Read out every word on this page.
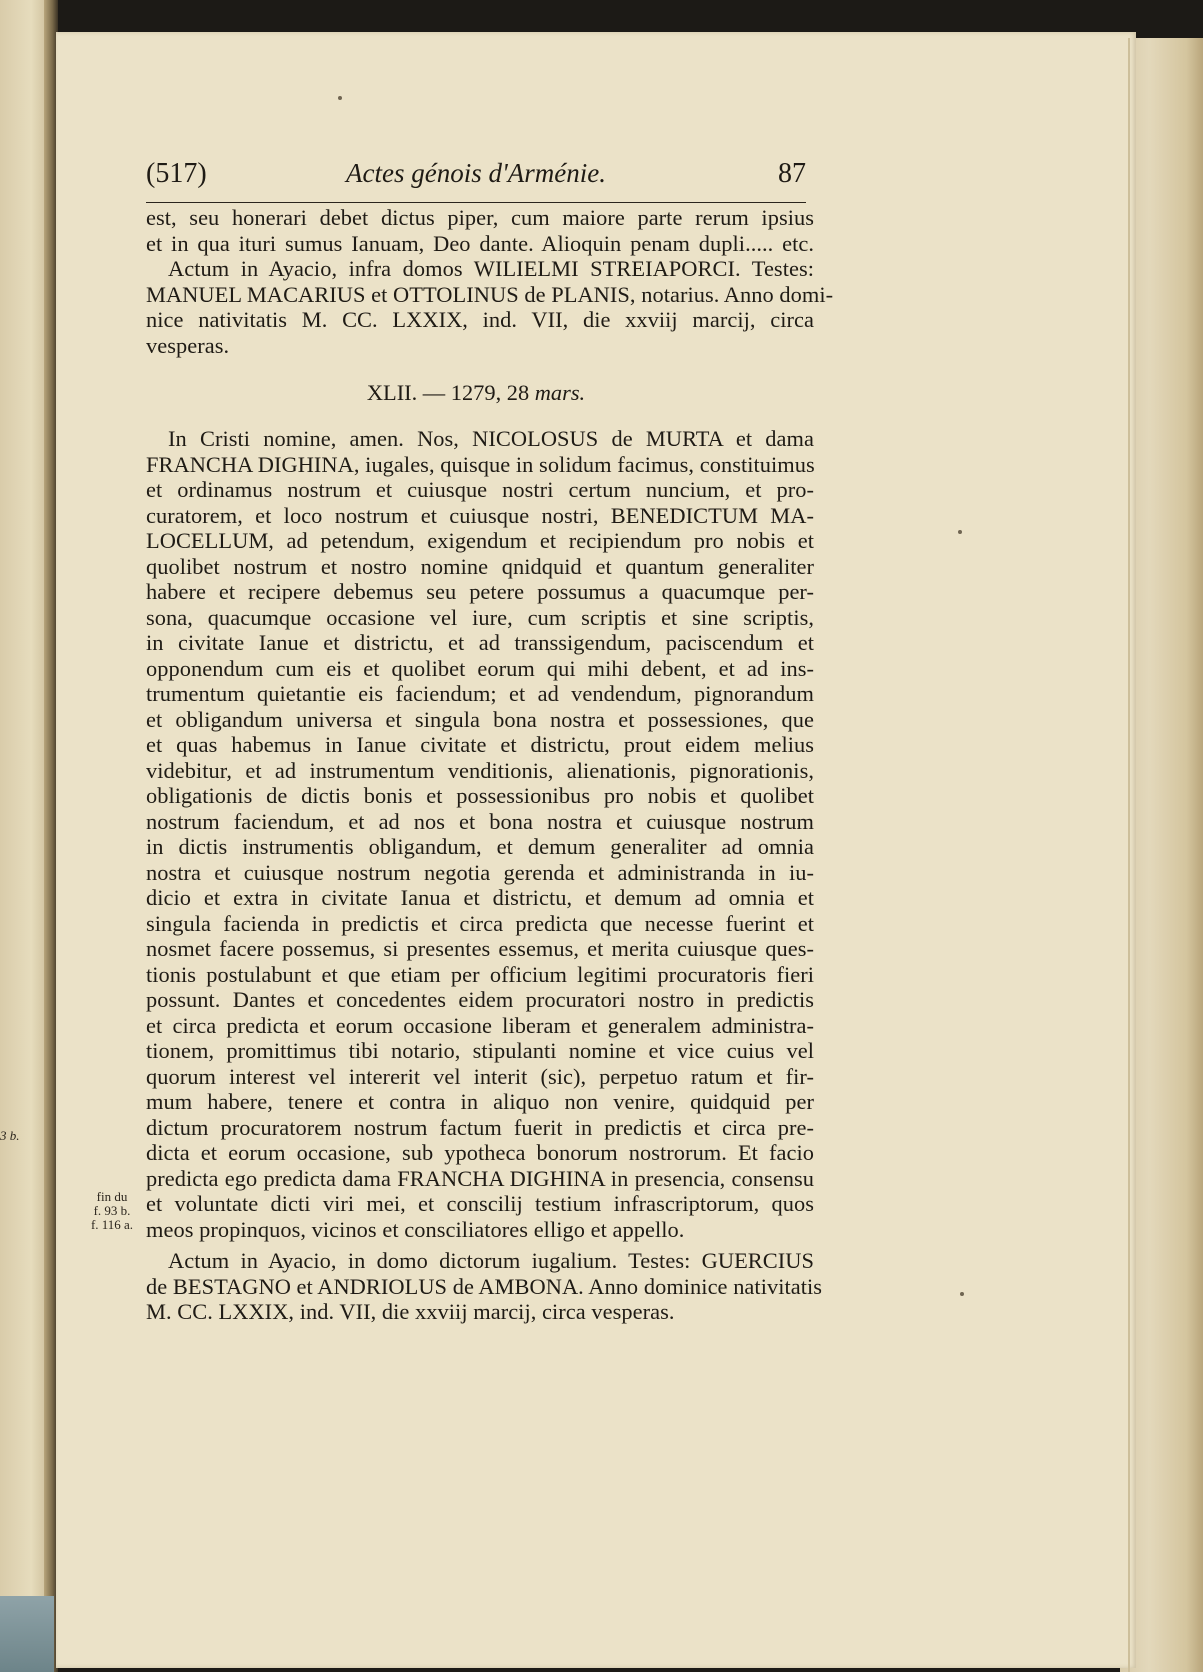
3 b.
(517)	Actes génois d'Arménie.	87
est, seu honerari debet dictus piper, cum maiore parte rerum ipsius
et in qua ituri sumus Ianuam, Deo dante. Alioquin penam dupli..... etc.
Actum in Ayacio, infra domos WILIELMI STREIAPORCI. Testes:
MANUEL MACARIUS et OTTOLINUS de PLANIS, notarius. Anno domi-
nice nativitatis M. CC. LXXIX, ind. VII, die xxviij marcij, circa
vesperas.
XLII. — 1279, 28 mars.
In Cristi nomine, amen. Nos, NICOLOSUS de MURTA et dama
FRANCHA DIGHINA, iugales, quisque in solidum facimus, constituimus
et ordinamus nostrum et cuiusque nostri certum nuncium, et pro-
curatorem, et loco nostrum et cuiusque nostri, BENEDICTUM MA-
LOCELLUM, ad petendum, exigendum et recipiendum pro nobis et
quolibet nostrum et nostro nomine qnidquid et quantum generaliter
habere et recipere debemus seu petere possumus a quacumque per-
sona, quacumque occasione vel iure, cum scriptis et sine scriptis,
in civitate Ianue et districtu, et ad transsigendum, paciscendum et
opponendum cum eis et quolibet eorum qui mihi debent, et ad ins-
trumentum quietantie eis faciendum; et ad vendendum, pignorandum
et obligandum universa et singula bona nostra et possessiones, que
et quas habemus in Ianue civitate et districtu, prout eidem melius
videbitur, et ad instrumentum venditionis, alienationis, pignorationis,
obligationis de dictis bonis et possessionibus pro nobis et quolibet
nostrum faciendum, et ad nos et bona nostra et cuiusque nostrum
in dictis instrumentis obligandum, et demum generaliter ad omnia
nostra et cuiusque nostrum negotia gerenda et administranda in iu-
dicio et extra in civitate Ianua et districtu, et demum ad omnia et
singula facienda in predictis et circa predicta que necesse fuerint et
nosmet facere possemus, si presentes essemus, et merita cuiusque ques-
tionis postulabunt et que etiam per officium legitimi procuratoris fieri
possunt. Dantes et concedentes eidem procuratori nostro in predictis
et circa predicta et eorum occasione liberam et generalem administra-
tionem, promittimus tibi notario, stipulanti nomine et vice cuius vel
quorum interest vel intererit vel interit (sic), perpetuo ratum et fir-
mum habere, tenere et contra in aliquo non venire, quidquid per
dictum procuratorem nostrum factum fuerit in predictis et circa pre-
dicta et eorum occasione, sub ypotheca bonorum nostrorum. Et facio
predicta ego predicta dama FRANCHA DIGHINA in presencia, consensu
et voluntate dicti viri mei, et conscilij testium infrascriptorum, quos
meos propinquos, vicinos et consciliatores elligo et appello.
Actum in Ayacio, in domo dictorum iugalium. Testes: GUERCIUS
de BESTAGNO et ANDRIOLUS de AMBONA. Anno dominice nativitatis
M. CC. LXXIX, ind. VII, die xxviij marcij, circa vesperas.
fin du
f. 93 b.
f. 116 a.
